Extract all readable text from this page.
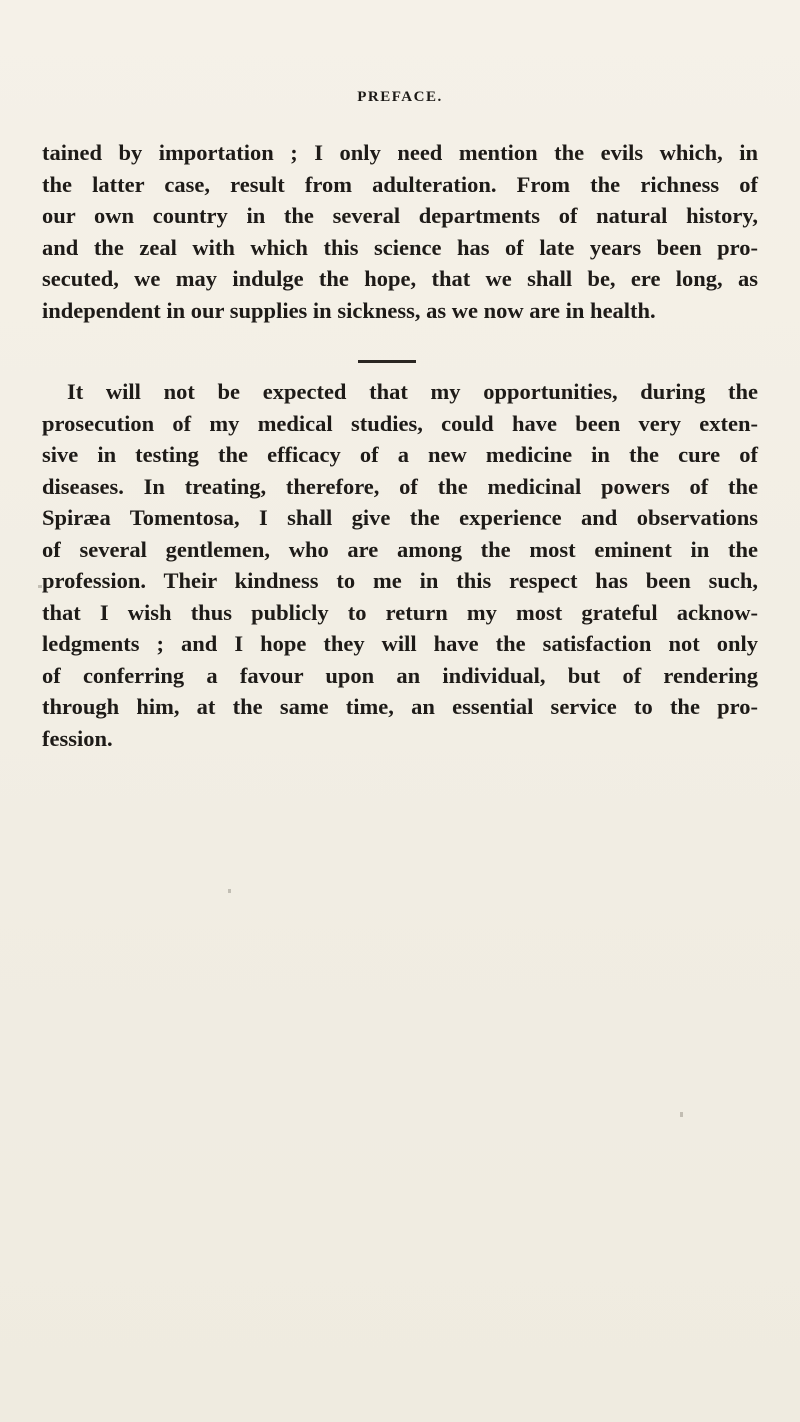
PREFACE.
tained by importation ; I only need mention the evils which, in
the latter case, result from adulteration. From the richness of
our own country in the several departments of natural history,
and the zeal with which this science has of late years been pro-
secuted, we may indulge the hope, that we shall be, ere long, as
independent in our supplies in sickness, as we now are in health.
It will not be expected that my opportunities, during the
prosecution of my medical studies, could have been very exten-
sive in testing the efficacy of a new medicine in the cure of
diseases. In treating, therefore, of the medicinal powers of the
Spiræa Tomentosa, I shall give the experience and observations
of several gentlemen, who are among the most eminent in the
profession. Their kindness to me in this respect has been such,
that I wish thus publicly to return my most grateful acknow-
ledgments ; and I hope they will have the satisfaction not only
of conferring a favour upon an individual, but of rendering
through him, at the same time, an essential service to the pro-
fession.
